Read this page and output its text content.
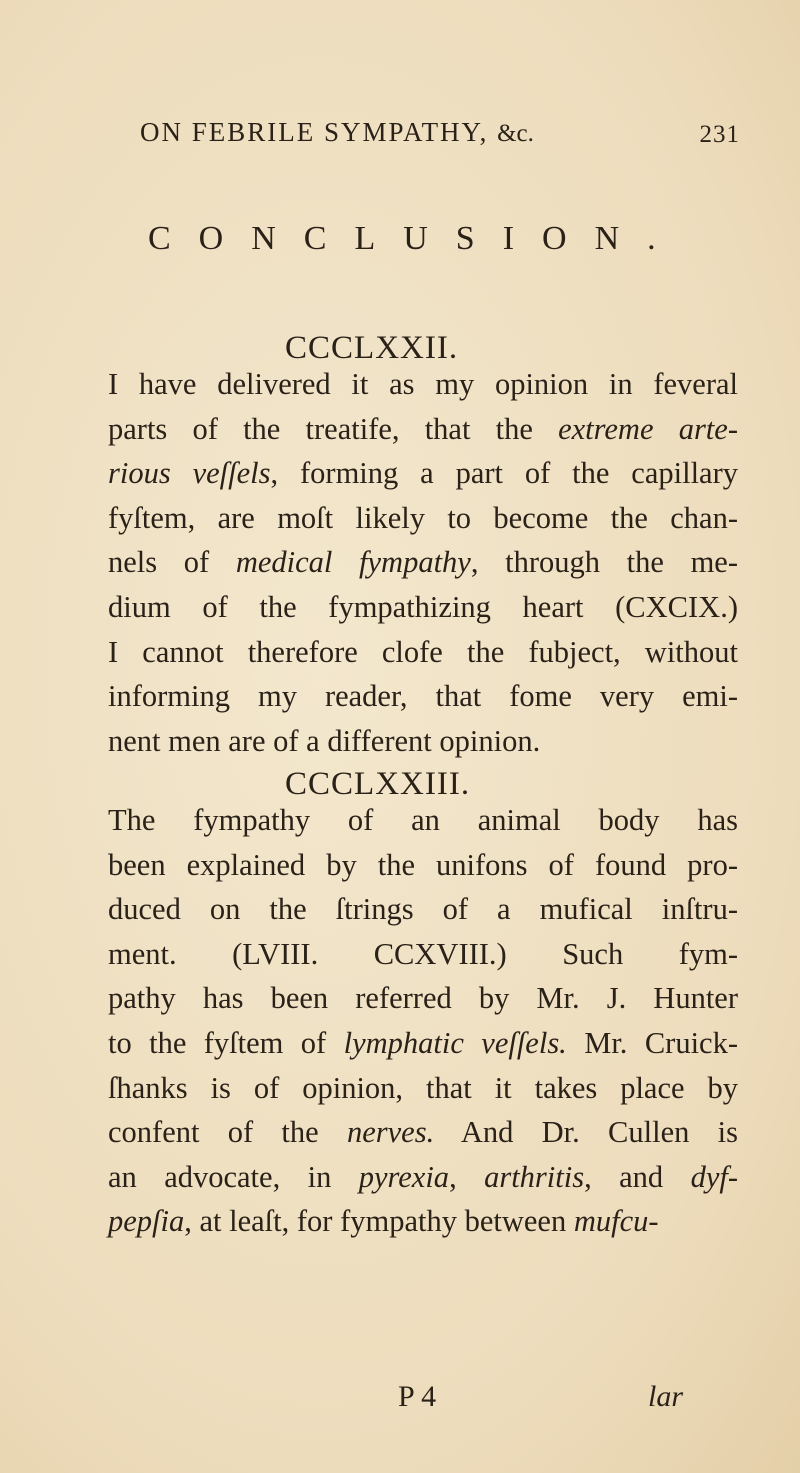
ON FEBRILE SYMPATHY, &c.	231
CONCLUSION.
CCCLXXII.
I have delivered it as my opinion in feveral
parts of the treatife, that the extreme arte-
rious veſſels, forming a part of the capillary
fyſtem, are moſt likely to become the chan-
nels of medical fympathy, through the me-
dium of the fympathizing heart (CXCIX.)
I cannot therefore clofe the fubject, without
informing my reader, that fome very emi-
nent men are of a different opinion.
CCCLXXIII.
The fympathy of an animal body has
been explained by the unifons of found pro-
duced on the ſtrings of a mufical inſtru-
ment. (LVIII. CCXVIII.) Such fym-
pathy has been referred by Mr. J. Hunter
to the fyſtem of lymphatic veſſels. Mr. Cruick-
ſhanks is of opinion, that it takes place by
confent of the nerves. And Dr. Cullen is
an advocate, in pyrexia, arthritis, and dyf-
pepſia, at leaſt, for fympathy between mufcu-
P 4	lar
